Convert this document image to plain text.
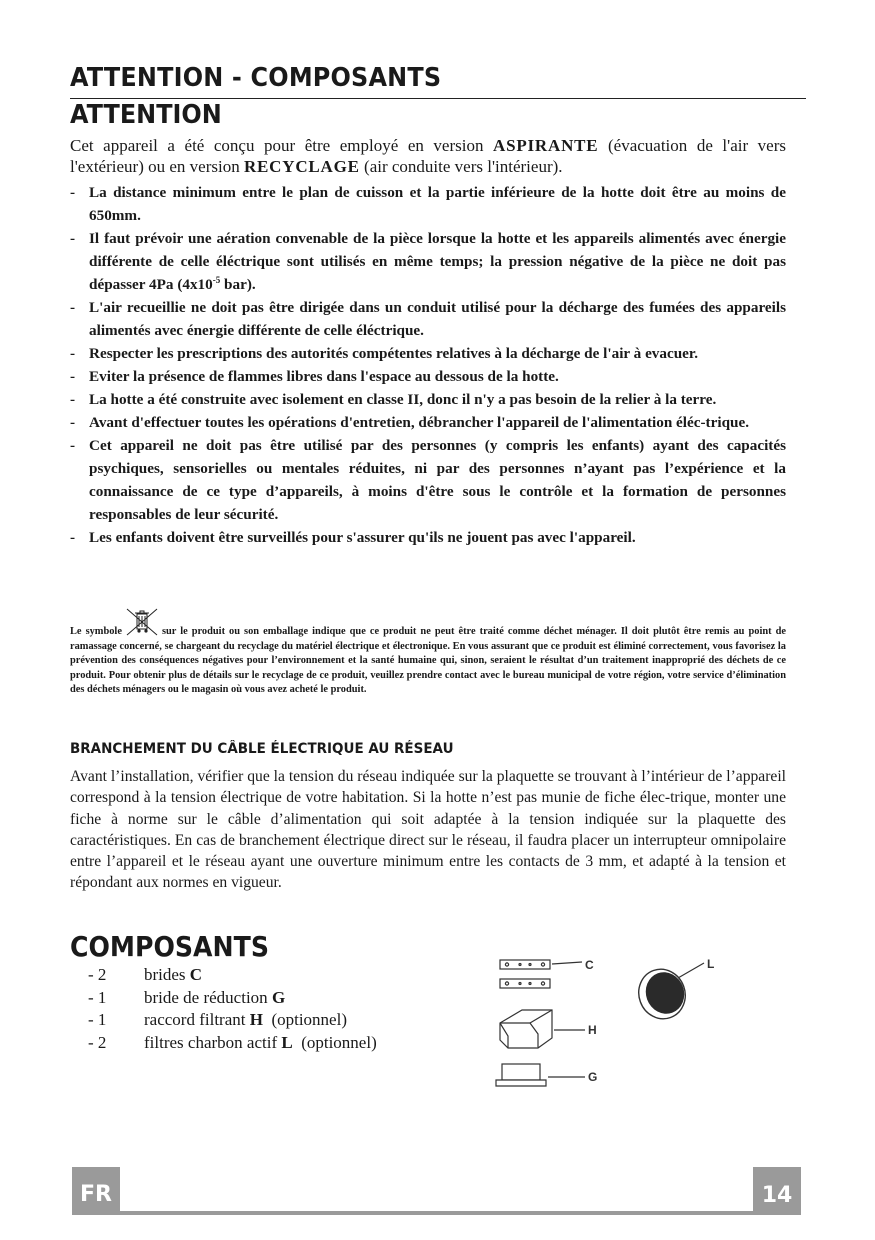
ATTENTION - COMPOSANTS
ATTENTION
Cet appareil a été conçu pour être employé en version ASPIRANTE (évacuation de l'air vers l'extérieur) ou en version RECYCLAGE (air conduite vers l'intérieur).
- La distance minimum entre le plan de cuisson et la partie inférieure de la hotte doit être au moins de 650mm.
- Il faut prévoir une aération convenable de la pièce lorsque la hotte et les appareils alimentés avec énergie différente de celle éléctrique sont utilisés en même temps; la pression négative de la pièce ne doit pas dépasser 4Pa ($4x10^{-5}$ bar).
- L'air recueillie ne doit pas être dirigée dans un conduit utilisé pour la décharge des fumées des appareils alimentés avec énergie différente de celle éléctrique.
- Respecter les prescriptions des autorités compétentes relatives à la décharge de l'air à evacuer.
- Eviter la présence de flammes libres dans l'espace au dessous de la hotte.
- La hotte a été construite avec isolement en classe II, donc il n'y a pas besoin de la relier à la terre.
- Avant d'effectuer toutes les opérations d'entretien, débrancher l'appareil de l'alimentation éléc-trique.
- Cet appareil ne doit pas être utilisé par des personnes (y compris les enfants) ayant des capacités psychiques, sensorielles ou mentales réduites, ni par des personnes n’ayant pas l’expérience et la connaissance de ce type d’appareils, à moins d'être sous le contrôle et la formation de personnes responsables de leur sécurité.
- Les enfants doivent être surveillés pour s'assurer qu'ils ne jouent pas avec l'appareil.
Le symbole	sur le produit ou son emballage indique que ce produit ne peut être traité comme déchet ménager. Il doit plutôt être remis au point de ramassage concerné, se chargeant du recyclage du matériel électrique et électronique. En vous assurant que ce produit est éliminé correctement, vous favorisez la prévention des conséquences négatives pour l’environnement et la santé humaine qui, sinon, seraient le résultat d’un traitement inapproprié des déchets de ce produit. Pour obtenir plus de détails sur le recyclage de ce produit, veuillez prendre contact avec le bureau municipal de votre région, votre service d’élimination des déchets ménagers ou le magasin où vous avez acheté le produit.
BRANCHEMENT DU CÂBLE ÉLECTRIQUE AU RÉSEAU
Avant l’installation, vérifier que la tension du réseau indiquée sur la plaquette se trouvant à l’intérieur de l’appareil correspond à la tension électrique de votre habitation. Si la hotte n’est pas munie de fiche élec-trique, monter une fiche à norme sur le câble d’alimentation qui soit adaptée à la tension indiquée sur la plaquette des caractéristiques. En cas de branchement électrique direct sur le réseau, il faudra placer un interrupteur omnipolaire entre l’appareil et le réseau ayant une ouverture minimum entre les contacts de 3 mm, et adapté à la tension et répondant aux normes en vigueur.
COMPOSANTS
- 2	brides C
- 1	bride de réduction G
- 1	raccord filtrant H  (optionnel)
- 2	filtres charbon actif L  (optionnel)
C	L
H
G
FR	14
